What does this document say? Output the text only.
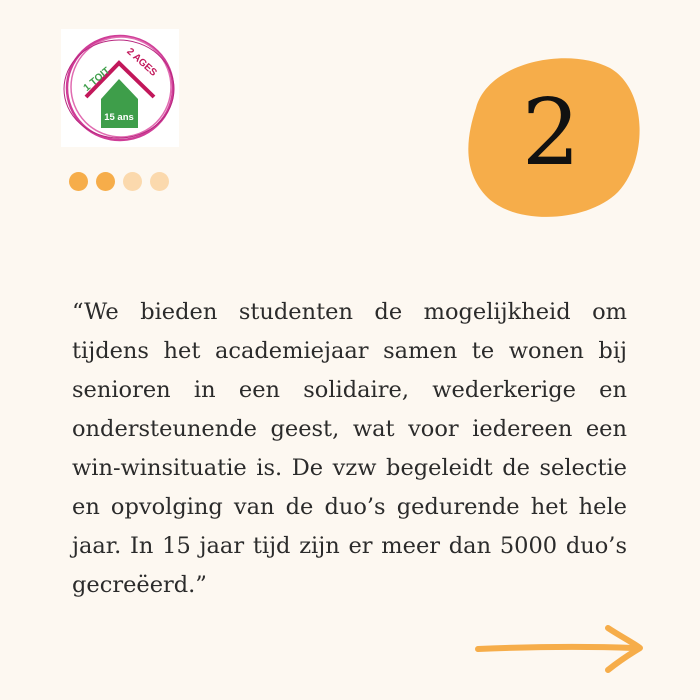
1 TOIT
2 AGES
15 ans	2

“We bieden studenten de mogelijkheid om tijdens het academiejaar samen te wonen bij senioren in een solidaire, wederkerige en ondersteunende geest, wat voor iedereen een win-winsituatie is. De vzw begeleidt de selectie en opvolging van de duo’s gedurende het hele jaar. In 15 jaar tijd zijn er meer dan 5000 duo’s gecreëerd.”
